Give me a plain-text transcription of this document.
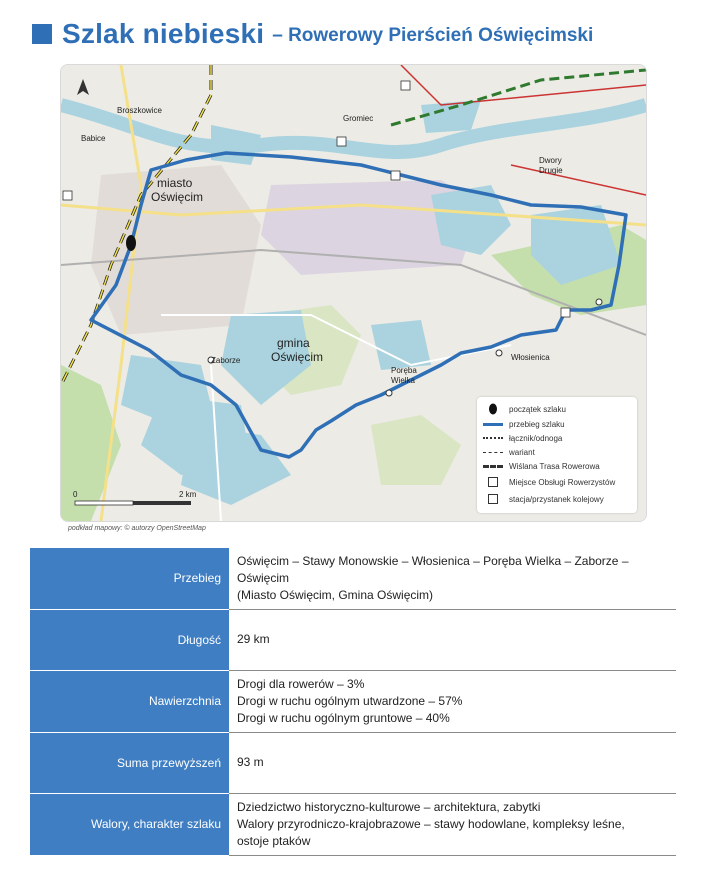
Szlak niebieski – Rowerowy Pierścień Oświęcimski
Broszkowice
Babice
Gromiec
Dwory
Drugie
miasto
Oświęcim
gmina
Oświęcim
Zaborze
Poręba
Wielka
Włosienica
0	2 km
początek szlaku
przebieg szlaku
łącznik/odnoga
wariant
Wiślana Trasa Rowerowa
Miejsce Obsługi Rowerzystów
stacja/przystanek kolejowy
podkład mapowy: © autorzy OpenStreetMap
Przebieg	Oświęcim – Stawy Monowskie – Włosienica – Poręba Wielka – Zaborze –
Oświęcim
(Miasto Oświęcim, Gmina Oświęcim)

Długość	29 km

Nawierzchnia	Drogi dla rowerów – 3%
Drogi w ruchu ogólnym utwardzone – 57%
Drogi w ruchu ogólnym gruntowe – 40%

Suma przewyższeń	93 m

Walory, charakter szlaku	Dziedzictwo historyczno-kulturowe – architektura, zabytki
Walory przyrodniczo-krajobrazowe – stawy hodowlane, kompleksy leśne,
ostoje ptaków
